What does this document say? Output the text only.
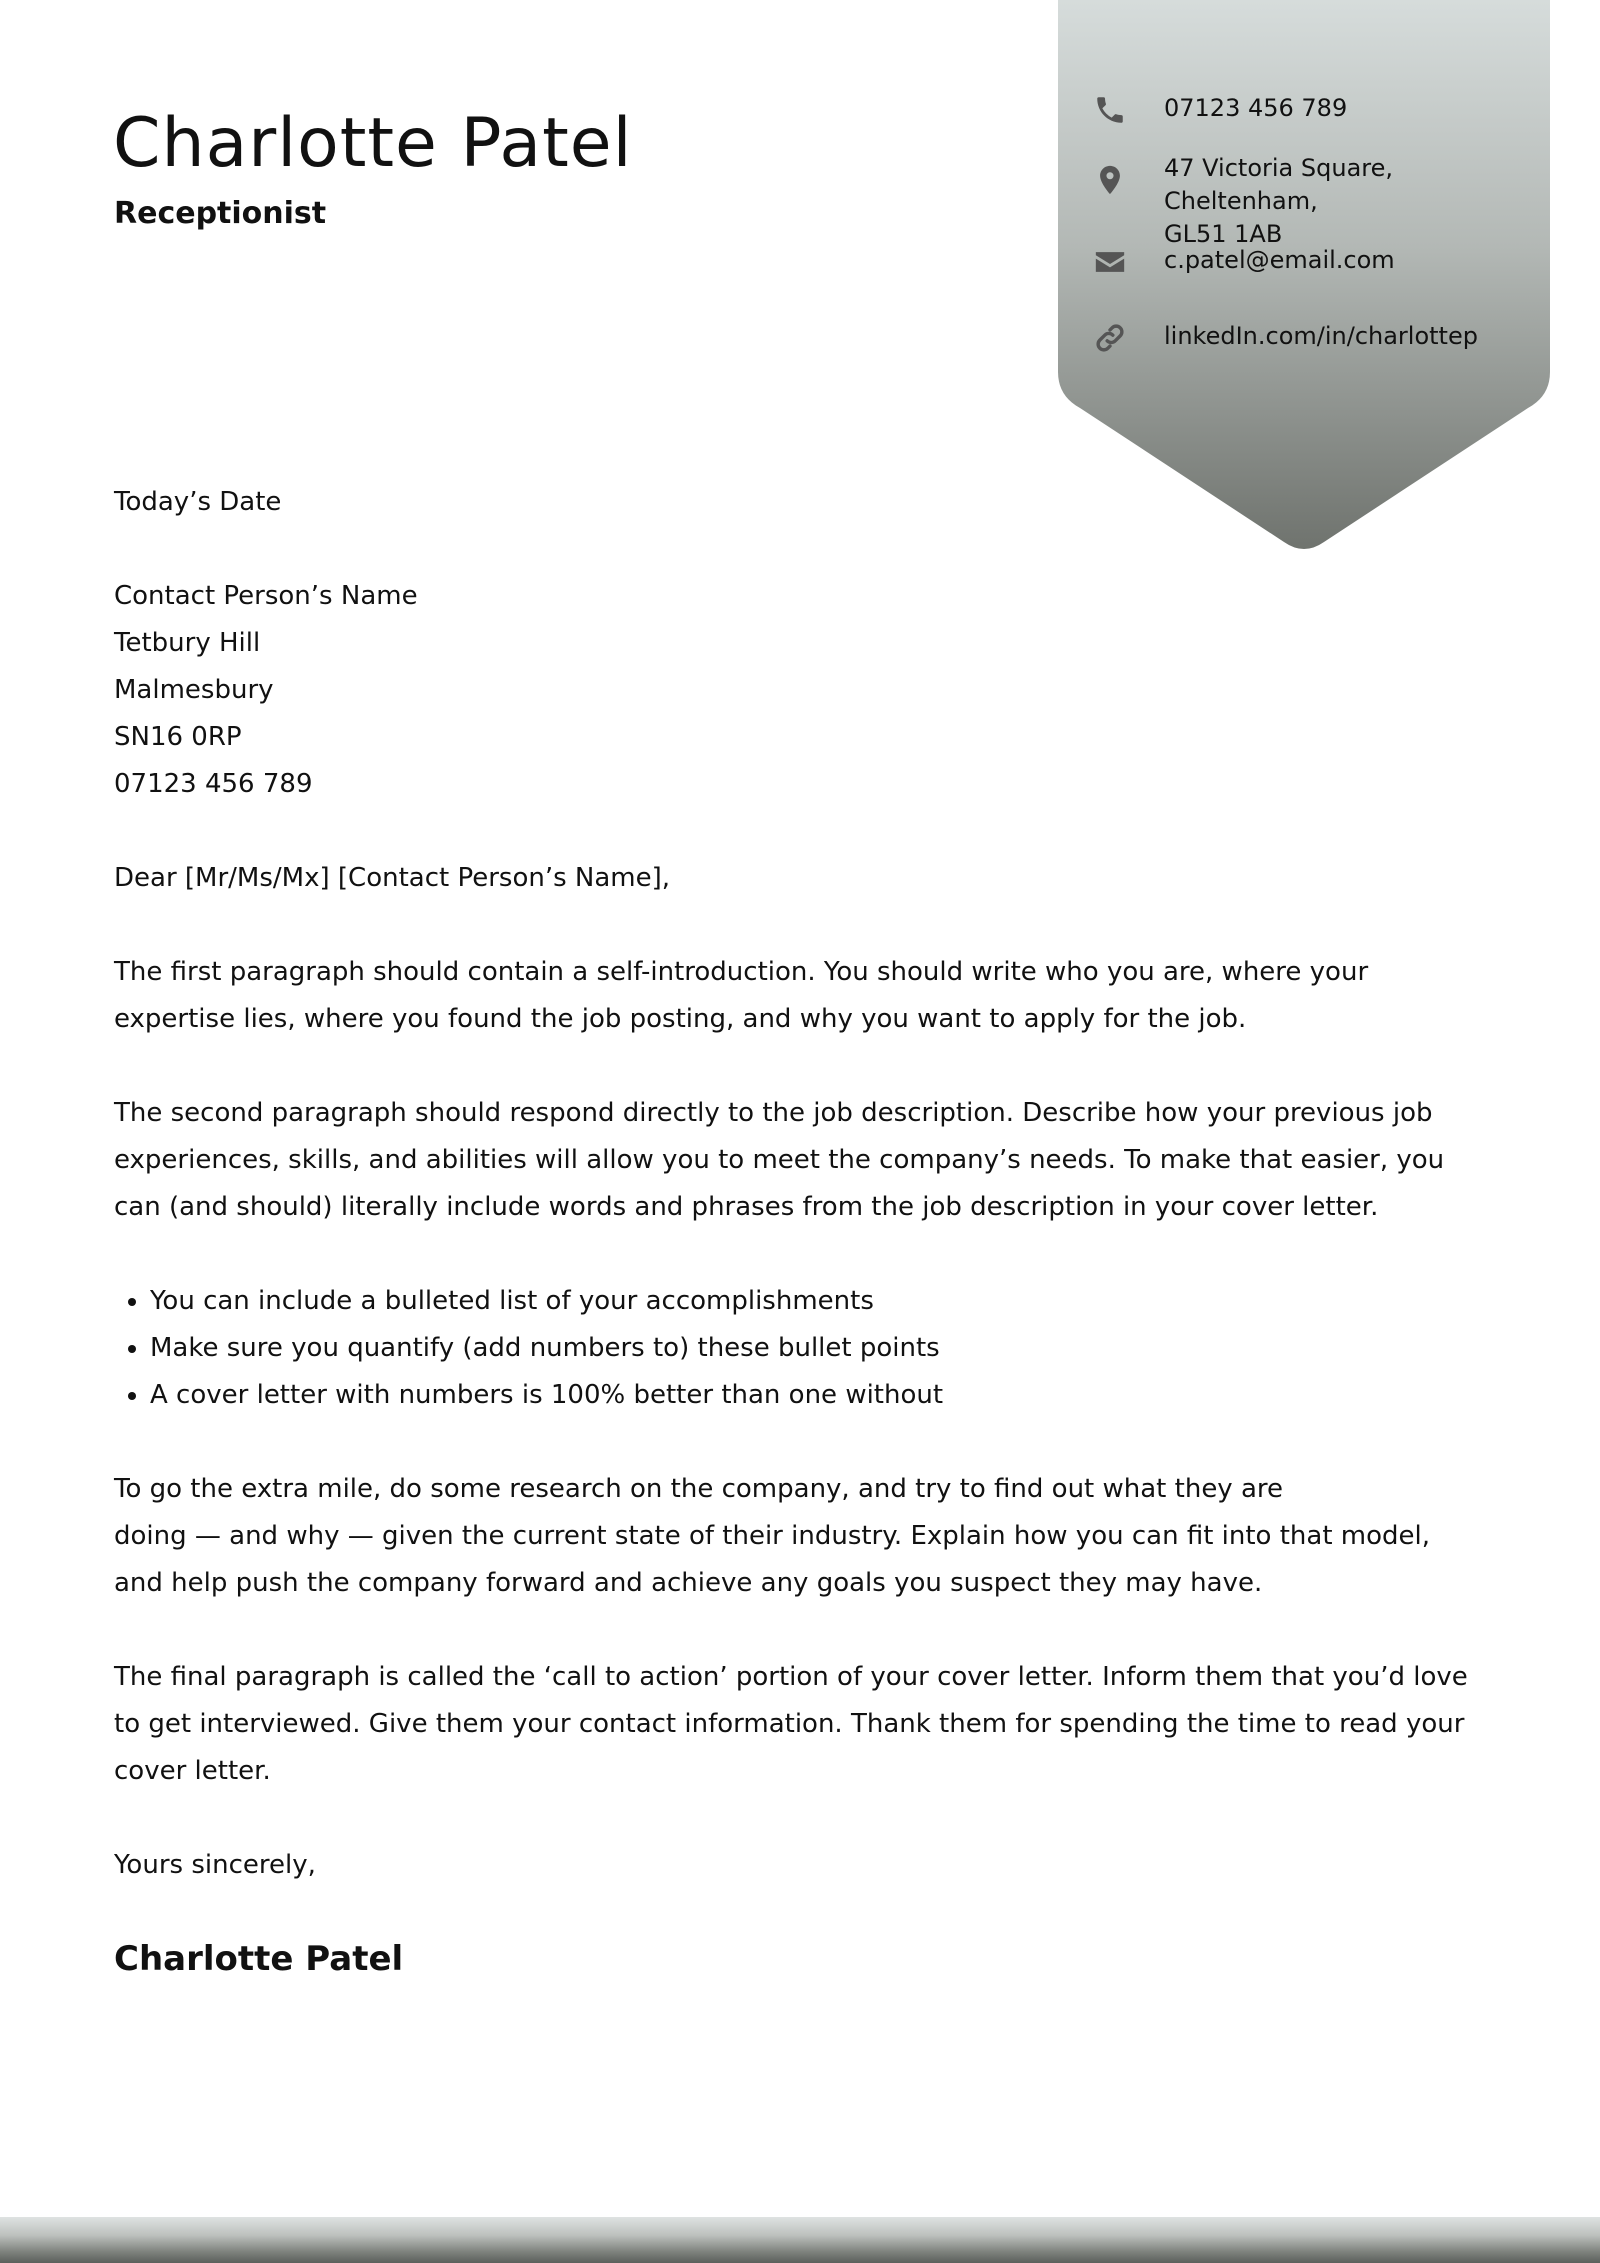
07123 456 789
47 Victoria Square, Cheltenham,
GL51 1AB
c.patel@email.com
linkedIn.com/in/charlottep
Charlotte Patel
Receptionist

Today’s Date

Contact Person’s Name
Tetbury Hill
Malmesbury
SN16 0RP
07123 456 789

Dear [Mr/Ms/Mx] [Contact Person’s Name],

The first paragraph should contain a self-introduction. You should write who you are, where your expertise lies, where you found the job posting, and why you want to apply for the job.

The second paragraph should respond directly to the job description. Describe how your previous job experiences, skills, and abilities will allow you to meet the company’s needs. To make that easier, you can (and should) literally include words and phrases from the job description in your cover letter.

• You can include a bulleted list of your accomplishments
• Make sure you quantify (add numbers to) these bullet points
• A cover letter with numbers is 100% better than one without

To go the extra mile, do some research on the company, and try to find out what they are
doing — and why — given the current state of their industry. Explain how you can fit into that model, and help push the company forward and achieve any goals you suspect they may have.

The final paragraph is called the ‘call to action’ portion of your cover letter. Inform them that you’d love to get interviewed. Give them your contact information. Thank them for spending the time to read your cover letter.

Yours sincerely,

Charlotte Patel
